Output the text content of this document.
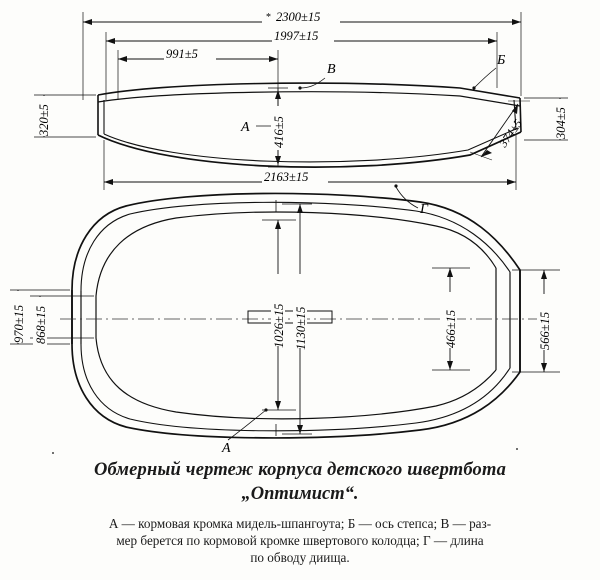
* 2300±15
1997±15
991±5
320±5
В
Б
А 416±5	374±5 304±5
2163±15
Г
970±15 868±15	1026±15 1130±15	466±15	566±15
А
Обмерный чертеж корпуса детского швертбота
„Оптимист“.
А — кормовая кромка мидель-шпангоута; Б — ось степса; В — раз-
мер берется по кормовой кромке швертового колодца; Г — длина
по обводу диища.
